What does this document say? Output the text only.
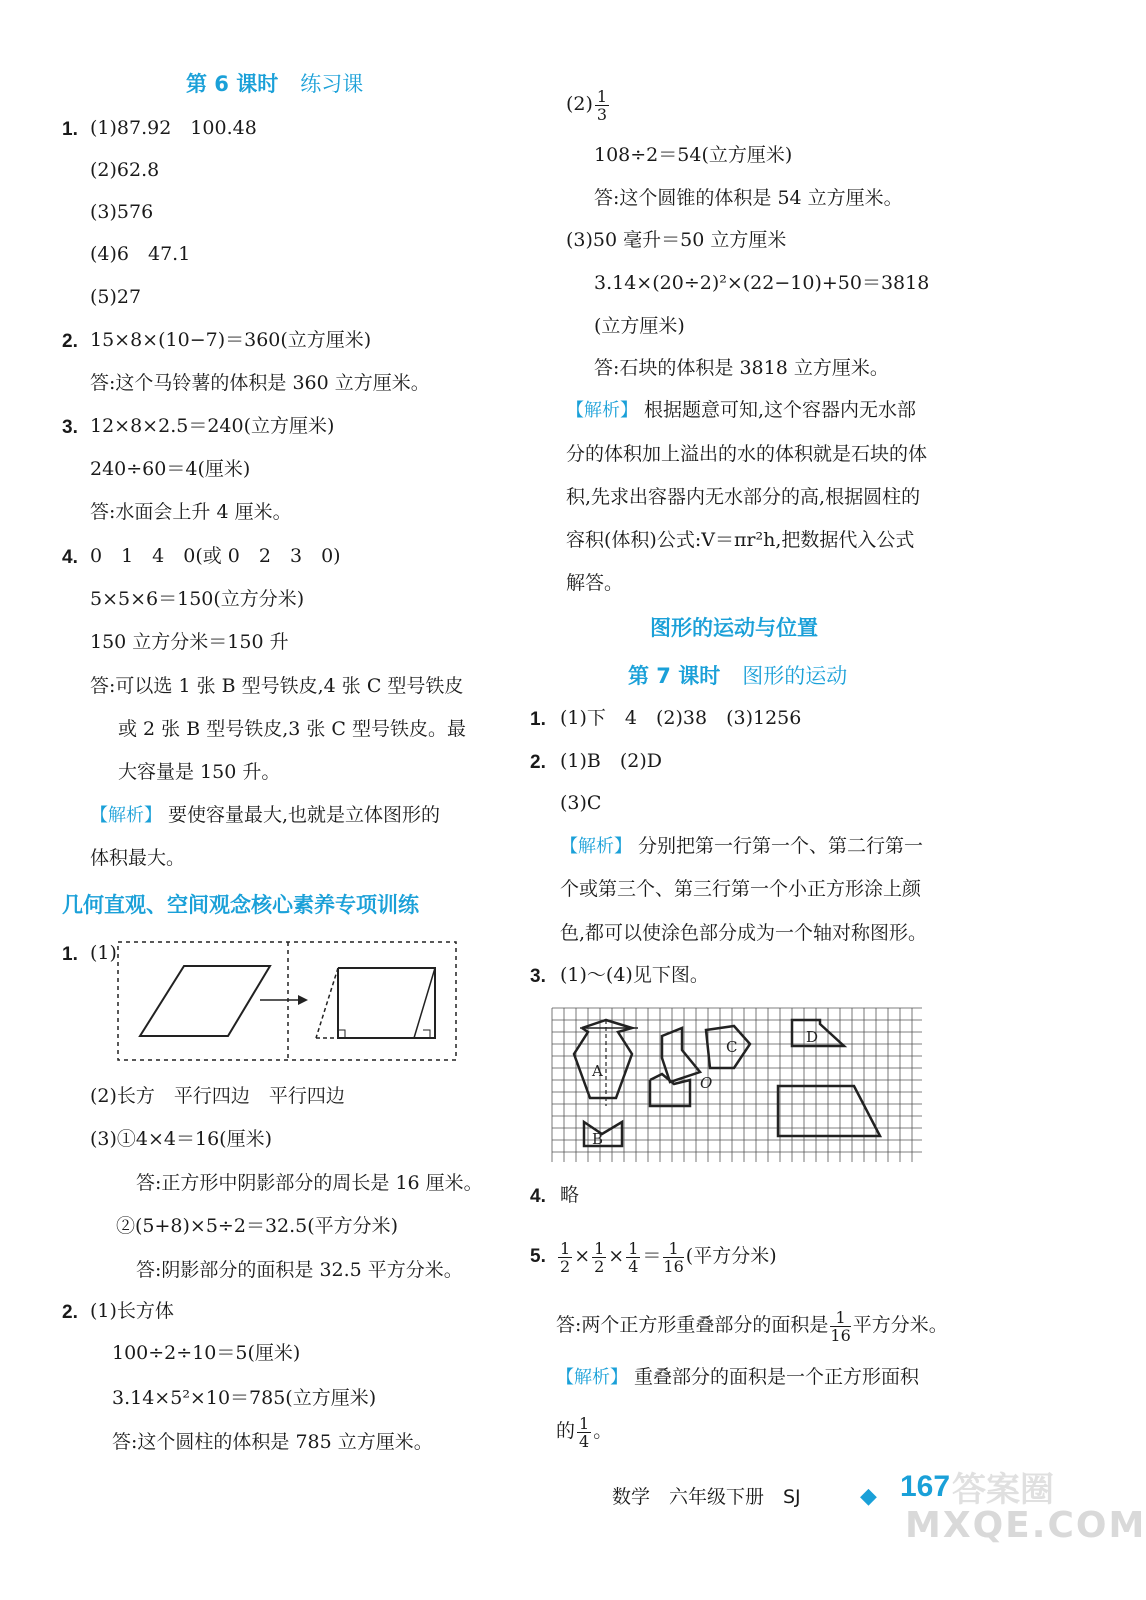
第 6 课时 练习课
1. (1)87.92　100.48
(2)62.8
(3)576
(4)6　47.1
(5)27
2. 15×8×(10−7)＝360(立方厘米)
答:这个马铃薯的体积是 360 立方厘米。
3. 12×8×2.5＝240(立方厘米)
240÷60＝4(厘米)
答:水面会上升 4 厘米。
4. 0　1　4　0(或 0　2　3　0)
5×5×6＝150(立方分米)
150 立方分米＝150 升
答:可以选 1 张 B 型号铁皮,4 张 C 型号铁皮
或 2 张 B 型号铁皮,3 张 C 型号铁皮。最
大容量是 150 升。
【解析】 要使容量最大,也就是立体图形的
体积最大。
几何直观、空间观念核心素养专项训练
1. (1)
(2)长方　平行四边　平行四边
(3)①4×4＝16(厘米)
答:正方形中阴影部分的周长是 16 厘米。
②(5+8)×5÷2＝32.5(平方分米)
答:阴影部分的面积是 32.5 平方分米。
2. (1)长方体
100÷2÷10＝5(厘米)
3.14×5²×10＝785(立方厘米)
答:这个圆柱的体积是 785 立方厘米。
$(2) \frac{1}{3}$
108÷2＝54(立方厘米)
答:这个圆锥的体积是 54 立方厘米。
(3)50 毫升＝50 立方厘米
3.14×(20÷2)²×(22−10)+50＝3818
(立方厘米)
答:石块的体积是 3818 立方厘米。
【解析】 根据题意可知,这个容器内无水部
分的体积加上溢出的水的体积就是石块的体
积,先求出容器内无水部分的高,根据圆柱的
容积(体积)公式:V＝πr²h,把数据代入公式
解答。
图形的运动与位置
第 7 课时 图形的运动
1. (1)下　4　(2)38　(3)1256
2. (1)B　(2)D
(3)C
【解析】 分别把第一行第一个、第二行第一
个或第三个、第三行第一个小正方形涂上颜
色,都可以使涂色部分成为一个轴对称图形。
3. (1)～(4)见下图。
A
B
C
D
O
4. 略
5. $\frac{1}{2} \times \frac{1}{2} \times \frac{1}{4} = \frac{1}{16}$ (平方分米)
答:两个正方形重叠部分的面积是 $\frac{1}{16}$ 平方分米。
【解析】 重叠部分的面积是一个正方形面积
的 $\frac{1}{4}$ 。
数学　六年级下册　SJ	◆ 167 答案圈
MXQE.COM
